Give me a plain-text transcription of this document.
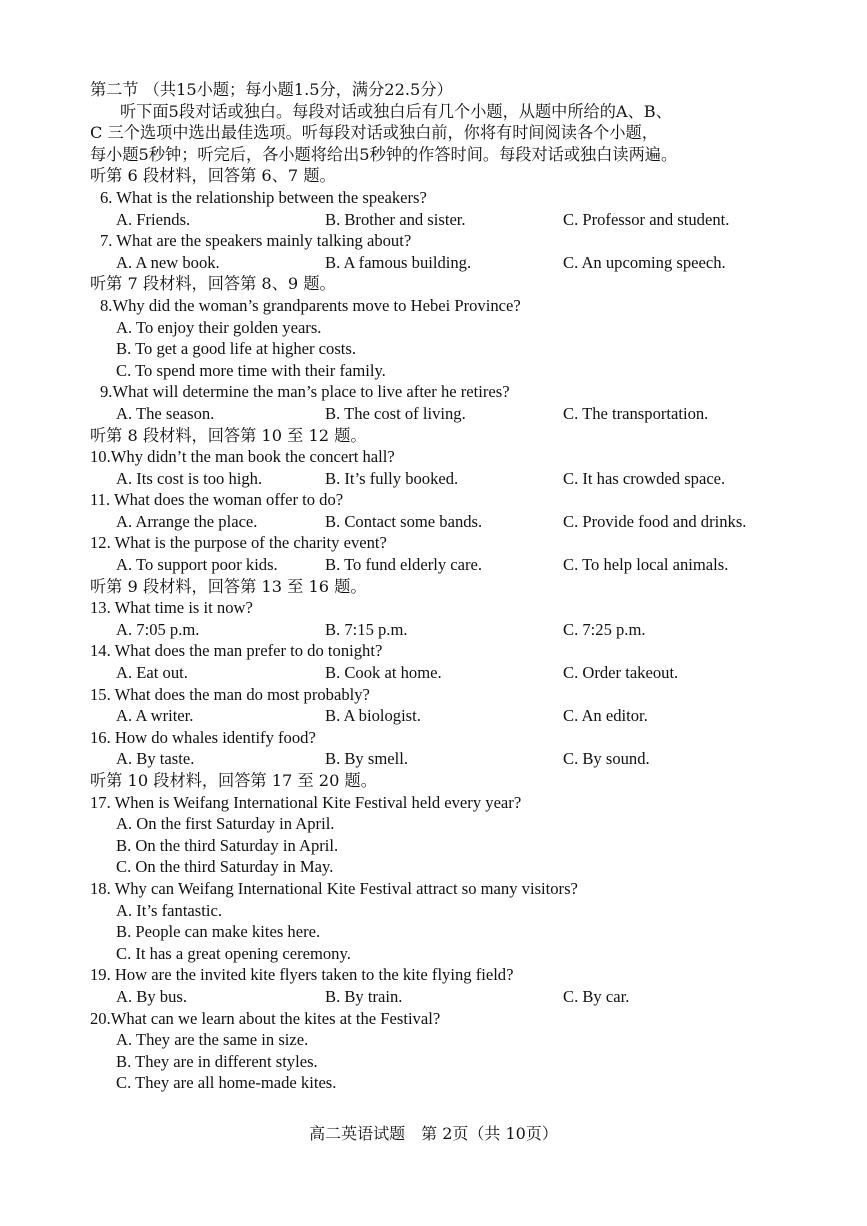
第二节 （共15小题；每小题1.5分，满分22.5分）
听下面5段对话或独白。每段对话或独白后有几个小题，从题中所给的A、B、
C 三个选项中选出最佳选项。听每段对话或独白前，你将有时间阅读各个小题，
每小题5秒钟；听完后，各小题将给出5秒钟的作答时间。每段对话或独白读两遍。
听第 6 段材料，回答第 6、7 题。
6. What is the relationship between the speakers?
A. Friends.	B. Brother and sister.	C. Professor and student.
7. What are the speakers mainly talking about?
A. A new book.	B. A famous building.	C. An upcoming speech.
听第 7 段材料，回答第 8、9 题。
8.Why did the woman’s grandparents move to Hebei Province?
A. To enjoy their golden years.
B. To get a good life at higher costs.
C. To spend more time with their family.
9.What will determine the man’s place to live after he retires?
A. The season.	B. The cost of living.	C. The transportation.
听第 8 段材料，回答第 10 至 12 题。
10.Why didn’t the man book the concert hall?
A. Its cost is too high.	B. It’s fully booked.	C. It has crowded space.
11. What does the woman offer to do?
A. Arrange the place.	B. Contact some bands.	C. Provide food and drinks.
12. What is the purpose of the charity event?
A. To support poor kids.	B. To fund elderly care.	C. To help local animals.
听第 9 段材料，回答第 13 至 16 题。
13. What time is it now?
A. 7:05 p.m.	B. 7:15 p.m.	C. 7:25 p.m.
14. What does the man prefer to do tonight?
A. Eat out.	B. Cook at home.	C. Order takeout.
15. What does the man do most probably?
A. A writer.	B. A biologist.	C. An editor.
16. How do whales identify food?
A. By taste.	B. By smell.	C. By sound.
听第 10 段材料，回答第 17 至 20 题。
17. When is Weifang International Kite Festival held every year?
A. On the first Saturday in April.
B. On the third Saturday in April.
C. On the third Saturday in May.
18. Why can Weifang International Kite Festival attract so many visitors?
A. It’s fantastic.
B. People can make kites here.
C. It has a great opening ceremony.
19. How are the invited kite flyers taken to the kite flying field?
A. By bus.	B. By train.	C. By car.
20.What can we learn about the kites at the Festival?
A. They are the same in size.
B. They are in different styles.
C. They are all home-made kites.
高二英语试题　第 2页（共 10页）
